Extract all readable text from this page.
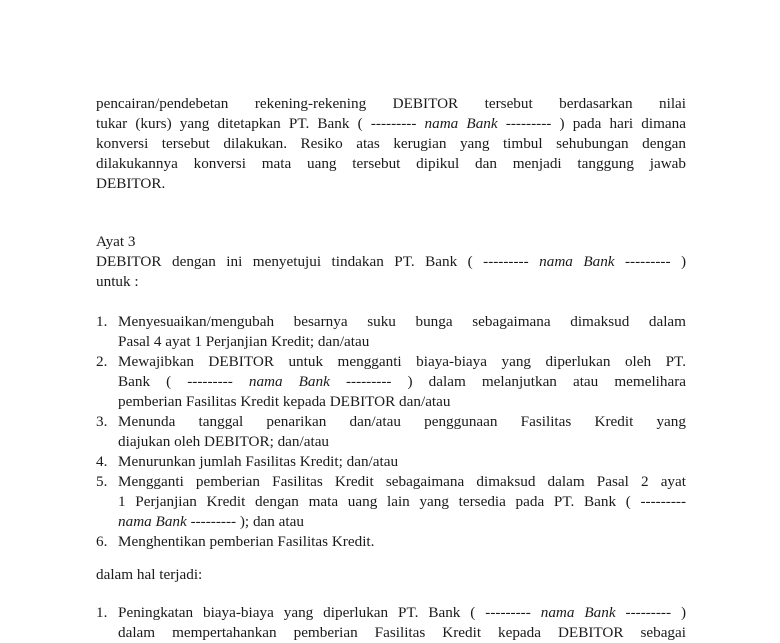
pencairan/pendebetan rekening-rekening DEBITOR tersebut berdasarkan nilai
tukar (kurs) yang ditetapkan PT. Bank ( --------- nama Bank --------- ) pada hari dimana
konversi tersebut dilakukan. Resiko atas kerugian yang timbul sehubungan dengan
dilakukannya konversi mata uang tersebut dipikul dan menjadi tanggung jawab
DEBITOR.
Ayat 3
DEBITOR dengan ini menyetujui tindakan PT. Bank ( --------- nama Bank --------- )
untuk :
1. Menyesuaikan/mengubah besarnya suku bunga sebagaimana dimaksud dalam
Pasal 4 ayat 1 Perjanjian Kredit; dan/atau
2. Mewajibkan DEBITOR untuk mengganti biaya-biaya yang diperlukan oleh PT.
Bank ( --------- nama Bank --------- ) dalam melanjutkan atau memelihara
pemberian Fasilitas Kredit kepada DEBITOR dan/atau
3. Menunda tanggal penarikan dan/atau penggunaan Fasilitas Kredit yang
diajukan oleh DEBITOR; dan/atau
4. Menurunkan jumlah Fasilitas Kredit; dan/atau
5. Mengganti pemberian Fasilitas Kredit sebagaimana dimaksud dalam Pasal 2 ayat
1 Perjanjian Kredit dengan mata uang lain yang tersedia pada PT. Bank ( ---------
nama Bank --------- ); dan atau
6. Menghentikan pemberian Fasilitas Kredit.
dalam hal terjadi:
1. Peningkatan biaya-biaya yang diperlukan PT. Bank ( --------- nama Bank --------- )
dalam mempertahankan pemberian Fasilitas Kredit kepada DEBITOR sebagai
